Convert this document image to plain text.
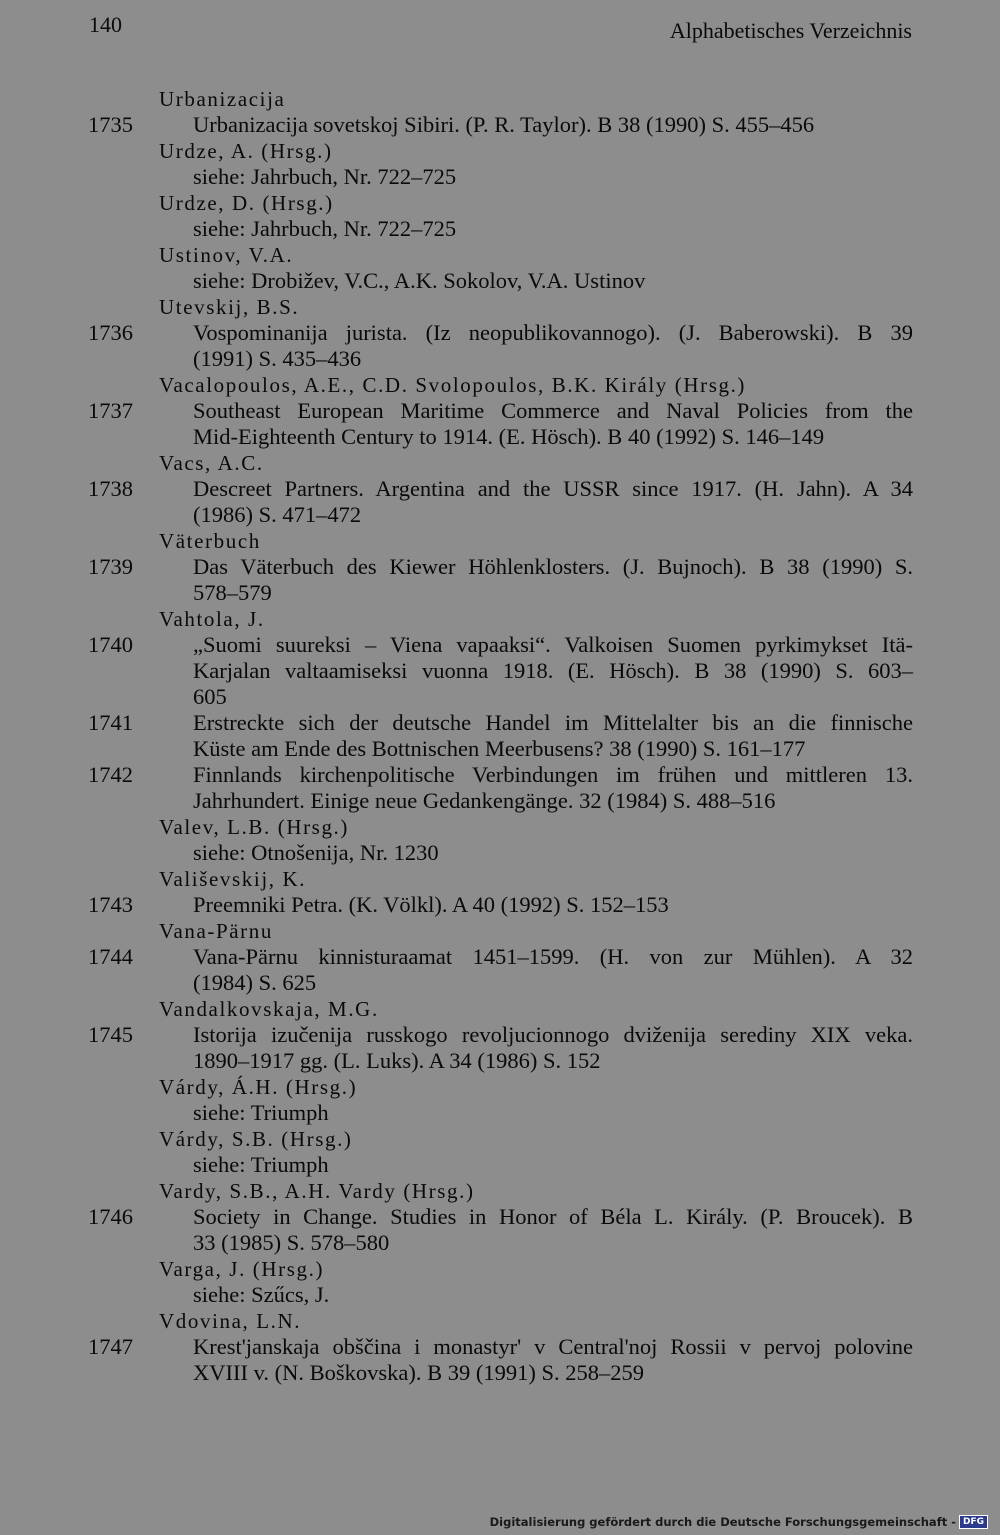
140	Alphabetisches Verzeichnis
Urbanizacija
1735	Urbanizacija sovetskoj Sibiri. (P. R. Taylor). B 38 (1990) S. 455–456
Urdze, A. (Hrsg.)
siehe: Jahrbuch, Nr. 722–725
Urdze, D. (Hrsg.)
siehe: Jahrbuch, Nr. 722–725
Ustinov, V.A.
siehe: Drobižev, V.C., A.K. Sokolov, V.A. Ustinov
Utevskij, B.S.
1736	Vospominanija jurista. (Iz neopublikovannogo). (J. Baberowski). B 39
(1991) S. 435–436
Vacalopoulos, A.E., C.D. Svolopoulos, B.K. Király (Hrsg.)
1737	Southeast European Maritime Commerce and Naval Policies from the
Mid-Eighteenth Century to 1914. (E. Hösch). B 40 (1992) S. 146–149
Vacs, A.C.
1738	Descreet Partners. Argentina and the USSR since 1917. (H. Jahn). A 34
(1986) S. 471–472
Väterbuch
1739	Das Väterbuch des Kiewer Höhlenklosters. (J. Bujnoch). B 38 (1990) S.
578–579
Vahtola, J.
1740	„Suomi suureksi – Viena vapaaksi“. Valkoisen Suomen pyrkimykset Itä-
Karjalan valtaamiseksi vuonna 1918. (E. Hösch). B 38 (1990) S. 603–
605
1741	Erstreckte sich der deutsche Handel im Mittelalter bis an die finnische
Küste am Ende des Bottnischen Meerbusens? 38 (1990) S. 161–177
1742	Finnlands kirchenpolitische Verbindungen im frühen und mittleren 13.
Jahrhundert. Einige neue Gedankengänge. 32 (1984) S. 488–516
Valev, L.B. (Hrsg.)
siehe: Otnošenija, Nr. 1230
Vališevskij, K.
1743	Preemniki Petra. (K. Völkl). A 40 (1992) S. 152–153
Vana-Pärnu
1744	Vana-Pärnu kinnisturaamat 1451–1599. (H. von zur Mühlen). A 32
(1984) S. 625
Vandalkovskaja, M.G.
1745	Istorija izučenija russkogo revoljucionnogo dviženija serediny XIX veka.
1890–1917 gg. (L. Luks). A 34 (1986) S. 152
Várdy, Á.H. (Hrsg.)
siehe: Triumph
Várdy, S.B. (Hrsg.)
siehe: Triumph
Vardy, S.B., A.H. Vardy (Hrsg.)
1746	Society in Change. Studies in Honor of Béla L. Király. (P. Broucek). B
33 (1985) S. 578–580
Varga, J. (Hrsg.)
siehe: Szűcs, J.
Vdovina, L.N.
1747	Krest'janskaja obščina i monastyr' v Central'noj Rossii v pervoj polovine
XVIII v. (N. Boškovska). B 39 (1991) S. 258–259
Digitalisierung gefördert durch die Deutsche Forschungsgemeinschaft - DFG
